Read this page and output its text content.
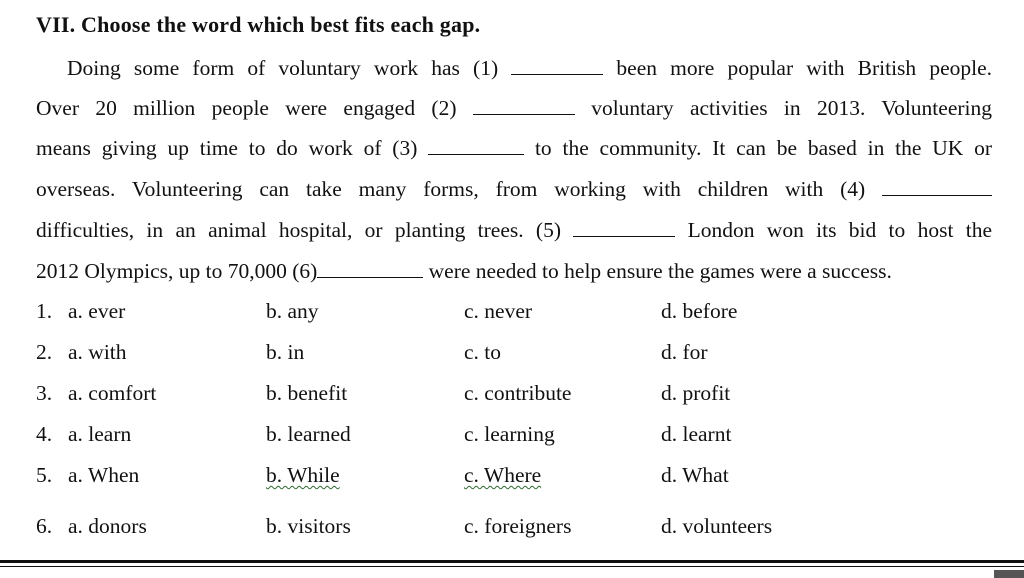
VII. Choose the word which best fits each gap.
Doing some form of voluntary work has (1)	been more popular with British people.
Over 20 million people were engaged (2)	voluntary activities in 2013. Volunteering
means giving up time to do work of (3)	to the community. It can be based in the UK or
overseas. Volunteering can take many forms, from working with children with (4)
difficulties, in an animal hospital, or planting trees. (5)	London won its bid to host the
2012 Olympics, up to 70,000 (6)	were needed to help ensure the games were a success.
1. a. ever	b. any	c. never	d. before
2. a. with	b. in	c. to	d. for
3. a. comfort	b. benefit	c. contribute	d. profit
4. a. learn	b. learned	c. learning	d. learnt
5. a. When	b. While	c. Where	d. What
6. a. donors	b. visitors	c. foreigners	d. volunteers
